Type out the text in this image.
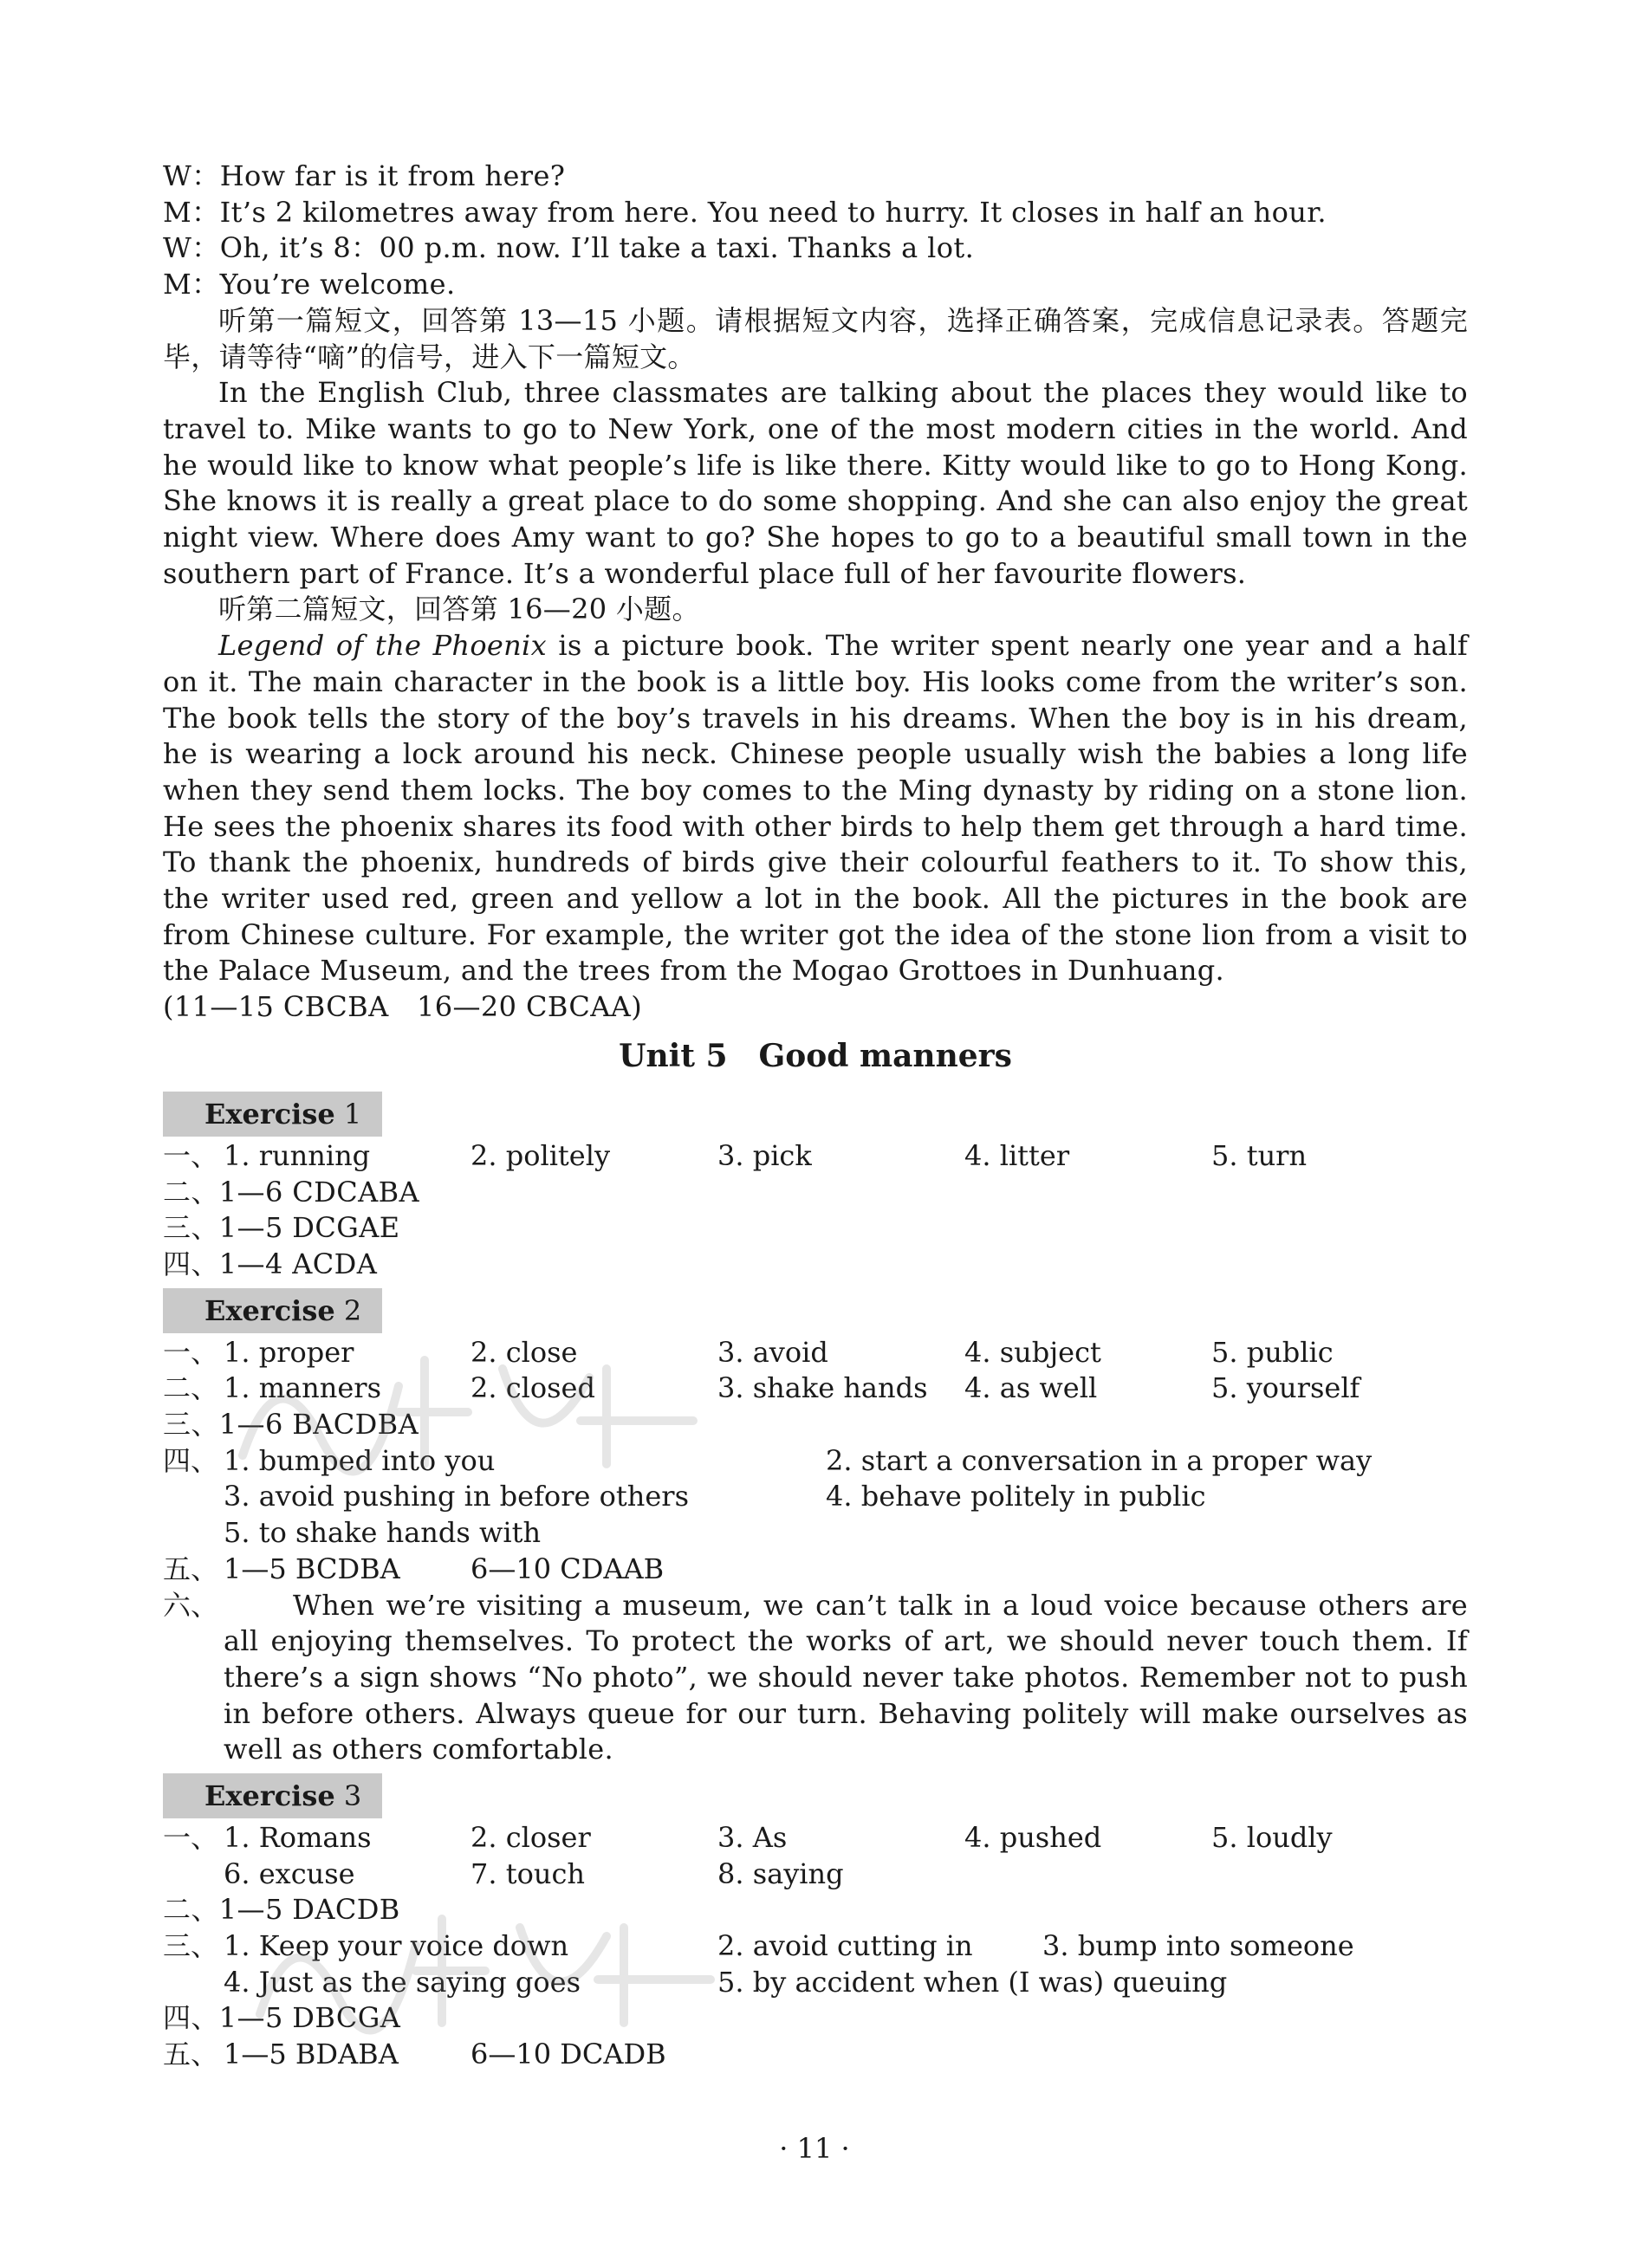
W：How far is it from here?
M：It’s 2 kilometres away from here. You need to hurry. It closes in half an hour.
W：Oh, it’s 8：00 p.m. now. I’ll take a taxi. Thanks a lot.
M：You’re welcome.
听第一篇短文，回答第 13—15 小题。请根据短文内容，选择正确答案，完成信息记录表。答题完毕，请等待“嘀”的信号，进入下一篇短文。
In the English Club, three classmates are talking about the places they would like to travel to. Mike wants to go to New York, one of the most modern cities in the world. And he would like to know what people’s life is like there. Kitty would like to go to Hong Kong. She knows it is really a great place to do some shopping. And she can also enjoy the great night view. Where does Amy want to go? She hopes to go to a beautiful small town in the southern part of France. It’s a wonderful place full of her favourite flowers.
听第二篇短文，回答第 16—20 小题。
Legend of the Phoenix is a picture book. The writer spent nearly one year and a half on it. The main character in the book is a little boy. His looks come from the writer’s son. The book tells the story of the boy’s travels in his dreams. When the boy is in his dream, he is wearing a lock around his neck. Chinese people usually wish the babies a long life when they send them locks. The boy comes to the Ming dynasty by riding on a stone lion. He sees the phoenix shares its food with other birds to help them get through a hard time. To thank the phoenix, hundreds of birds give their colourful feathers to it. To show this, the writer used red, green and yellow a lot in the book. All the pictures in the book are from Chinese culture. For example, the writer got the idea of the stone lion from a visit to the Palace Museum, and the trees from the Mogao Grottoes in Dunhuang.
(11—15 CBCBA　16—20 CBCAA)
Unit 5　Good manners
Exercise 1
一、 1. running	2. politely	3. pick	4. litter	5. turn
二、1—6 CDCABA
三、1—5 DCGAE
四、1—4 ACDA
Exercise 2
一、 1. proper	2. close	3. avoid	4. subject	5. public
二、 1. manners	2. closed	3. shake hands 4. as well	5. yourself
三、1—6 BACDBA
四、 1. bumped into you	2. start a conversation in a proper way
3. avoid pushing in before others	4. behave politely in public
5. to shake hands with
五、 1—5 BCDBA	6—10 CDAAB
六、	When we’re visiting a museum, we can’t talk in a loud voice because others are all enjoying themselves. To protect the works of art, we should never touch them. If there’s a sign shows “No photo”, we should never take photos. Remember not to push in before others. Always queue for our turn. Behaving politely will make ourselves as well as others comfortable.
Exercise 3
一、 1. Romans	2. closer	3. As	4. pushed	5. loudly
6. excuse	7. touch	8. saying
二、1—5 DACDB
三、 1. Keep your voice down	2. avoid cutting in	3. bump into someone
4. Just as the saying goes	5. by accident when (I was) queuing
四、1—5 DBCGA
五、 1—5 BDABA	6—10 DCADB
· 11 ·
